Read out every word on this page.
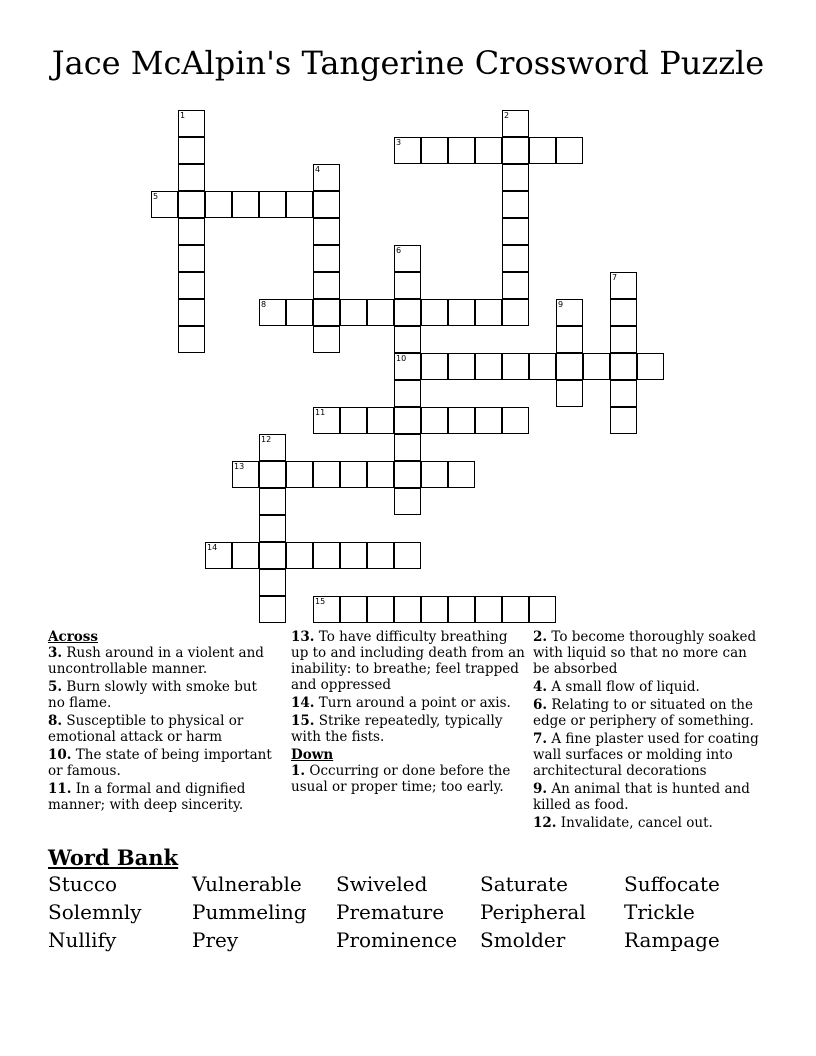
Jace McAlpin's Tangerine Crossword Puzzle
1	2
3
4
5
6
10
7
8	9
11
12
13
14
15
Across
3. Rush around in a violent and uncontrollable manner.
5. Burn slowly with smoke but no flame.
8. Susceptible to physical or emotional attack or harm
10. The state of being important or famous.
11. In a formal and dignified manner; with deep sincerity.
13. To have difficulty breathing up to and including death from an inability: to breathe; feel trapped and oppressed
14. Turn around a point or axis.
15. Strike repeatedly, typically with the fists.
Down
1. Occurring or done before the usual or proper time; too early.
2. To become thoroughly soaked with liquid so that no more can be absorbed
4. A small flow of liquid.
6. Relating to or situated on the edge or periphery of something.
7. A fine plaster used for coating wall surfaces or molding into architectural decorations
9. An animal that is hunted and killed as food.
12. Invalidate, cancel out.
Word Bank
Stucco	Vulnerable	Swiveled	Saturate	Suffocate
Solemnly	Pummeling	Premature	Peripheral	Trickle
Nullify	Prey	Prominence	Smolder	Rampage
